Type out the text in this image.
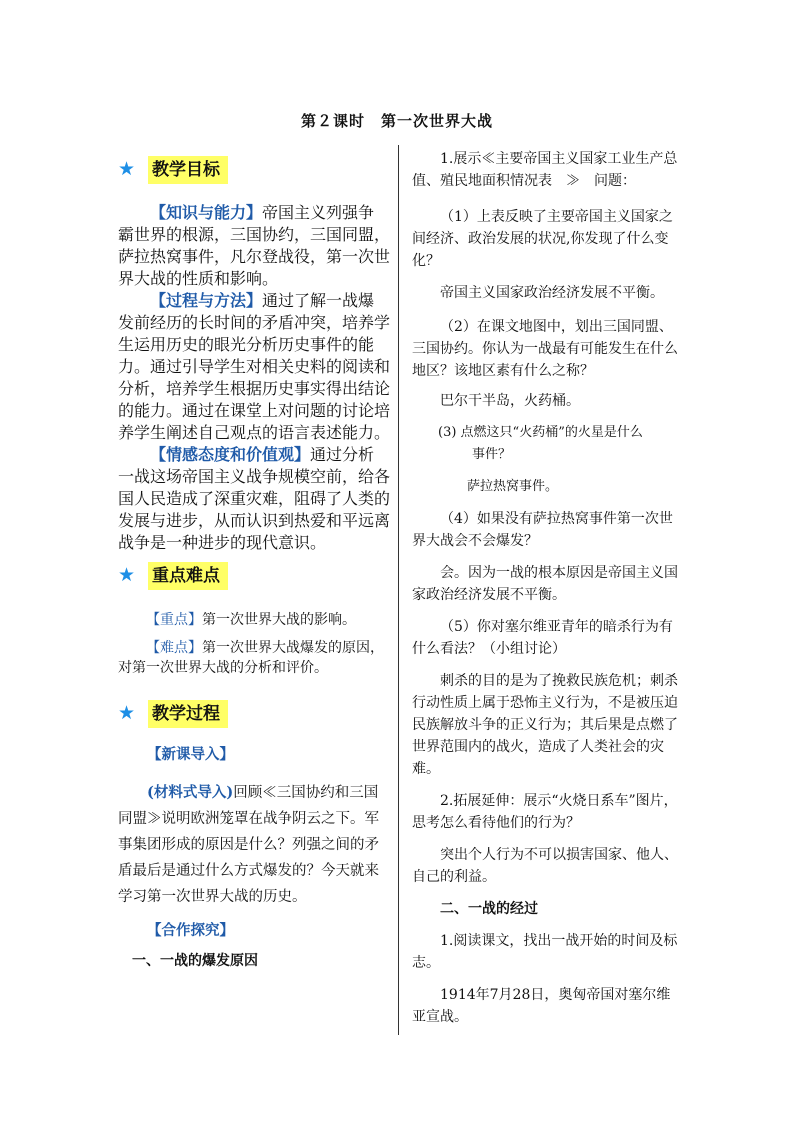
第２课时　第一次世界大战
★ 教学目标

【知识与能力】帝国主义列强争霸世界的根源，三国协约，三国同盟，萨拉热窝事件，凡尔登战役，第一次世界大战的性质和影响。

【过程与方法】通过了解一战爆发前经历的长时间的矛盾冲突，培养学生运用历史的眼光分析历史事件的能力。通过引导学生对相关史料的阅读和分析，培养学生根据历史事实得出结论的能力。通过在课堂上对问题的讨论培养学生阐述自己观点的语言表述能力。

【情感态度和价值观】通过分析一战这场帝国主义战争规模空前，给各国人民造成了深重灾难，阻碍了人类的发展与进步，从而认识到热爱和平远离战争是一种进步的现代意识。

★ 重点难点

【重点】第一次世界大战的影响。

【难点】第一次世界大战爆发的原因，对第一次世界大战的分析和评价。

★ 教学过程

【新课导入】

(材料式导入)回顾≪三国协约和三国同盟≫说明欧洲笼罩在战争阴云之下。军事集团形成的原因是什么？列强之间的矛盾最后是通过什么方式爆发的？今天就来学习第一次世界大战的历史。

【合作探究】

一、一战的爆发原因

1.展示≪主要帝国主义国家工业生产总值、殖民地面积情况表　≫　问题：

（1）上表反映了主要帝国主义国家之间经济、政治发展的状况,你发现了什么变化？

帝国主义国家政治经济发展不平衡。

（2）在课文地图中，划出三国同盟、三国协约。你认为一战最有可能发生在什么地区？该地区素有什么之称？

巴尔干半岛，火药桶。

(3) 点燃这只“火药桶”的火星是什么

事件？

萨拉热窝事件。

（4）如果没有萨拉热窝事件第一次世界大战会不会爆发？

会。因为一战的根本原因是帝国主义国家政治经济发展不平衡。

（5）你对塞尔维亚青年的暗杀行为有什么看法？（小组讨论）

刺杀的目的是为了挽救民族危机；刺杀行动性质上属于恐怖主义行为，不是被压迫民族解放斗争的正义行为；其后果是点燃了世界范围内的战火，造成了人类社会的灾难。

2.拓展延伸：展示“火烧日系车”图片，思考怎么看待他们的行为？

突出个人行为不可以损害国家、他人、自己的利益。

二、一战的经过

1.阅读课文，找出一战开始的时间及标志。

1914年7月28日，奥匈帝国对塞尔维亚宣战。
